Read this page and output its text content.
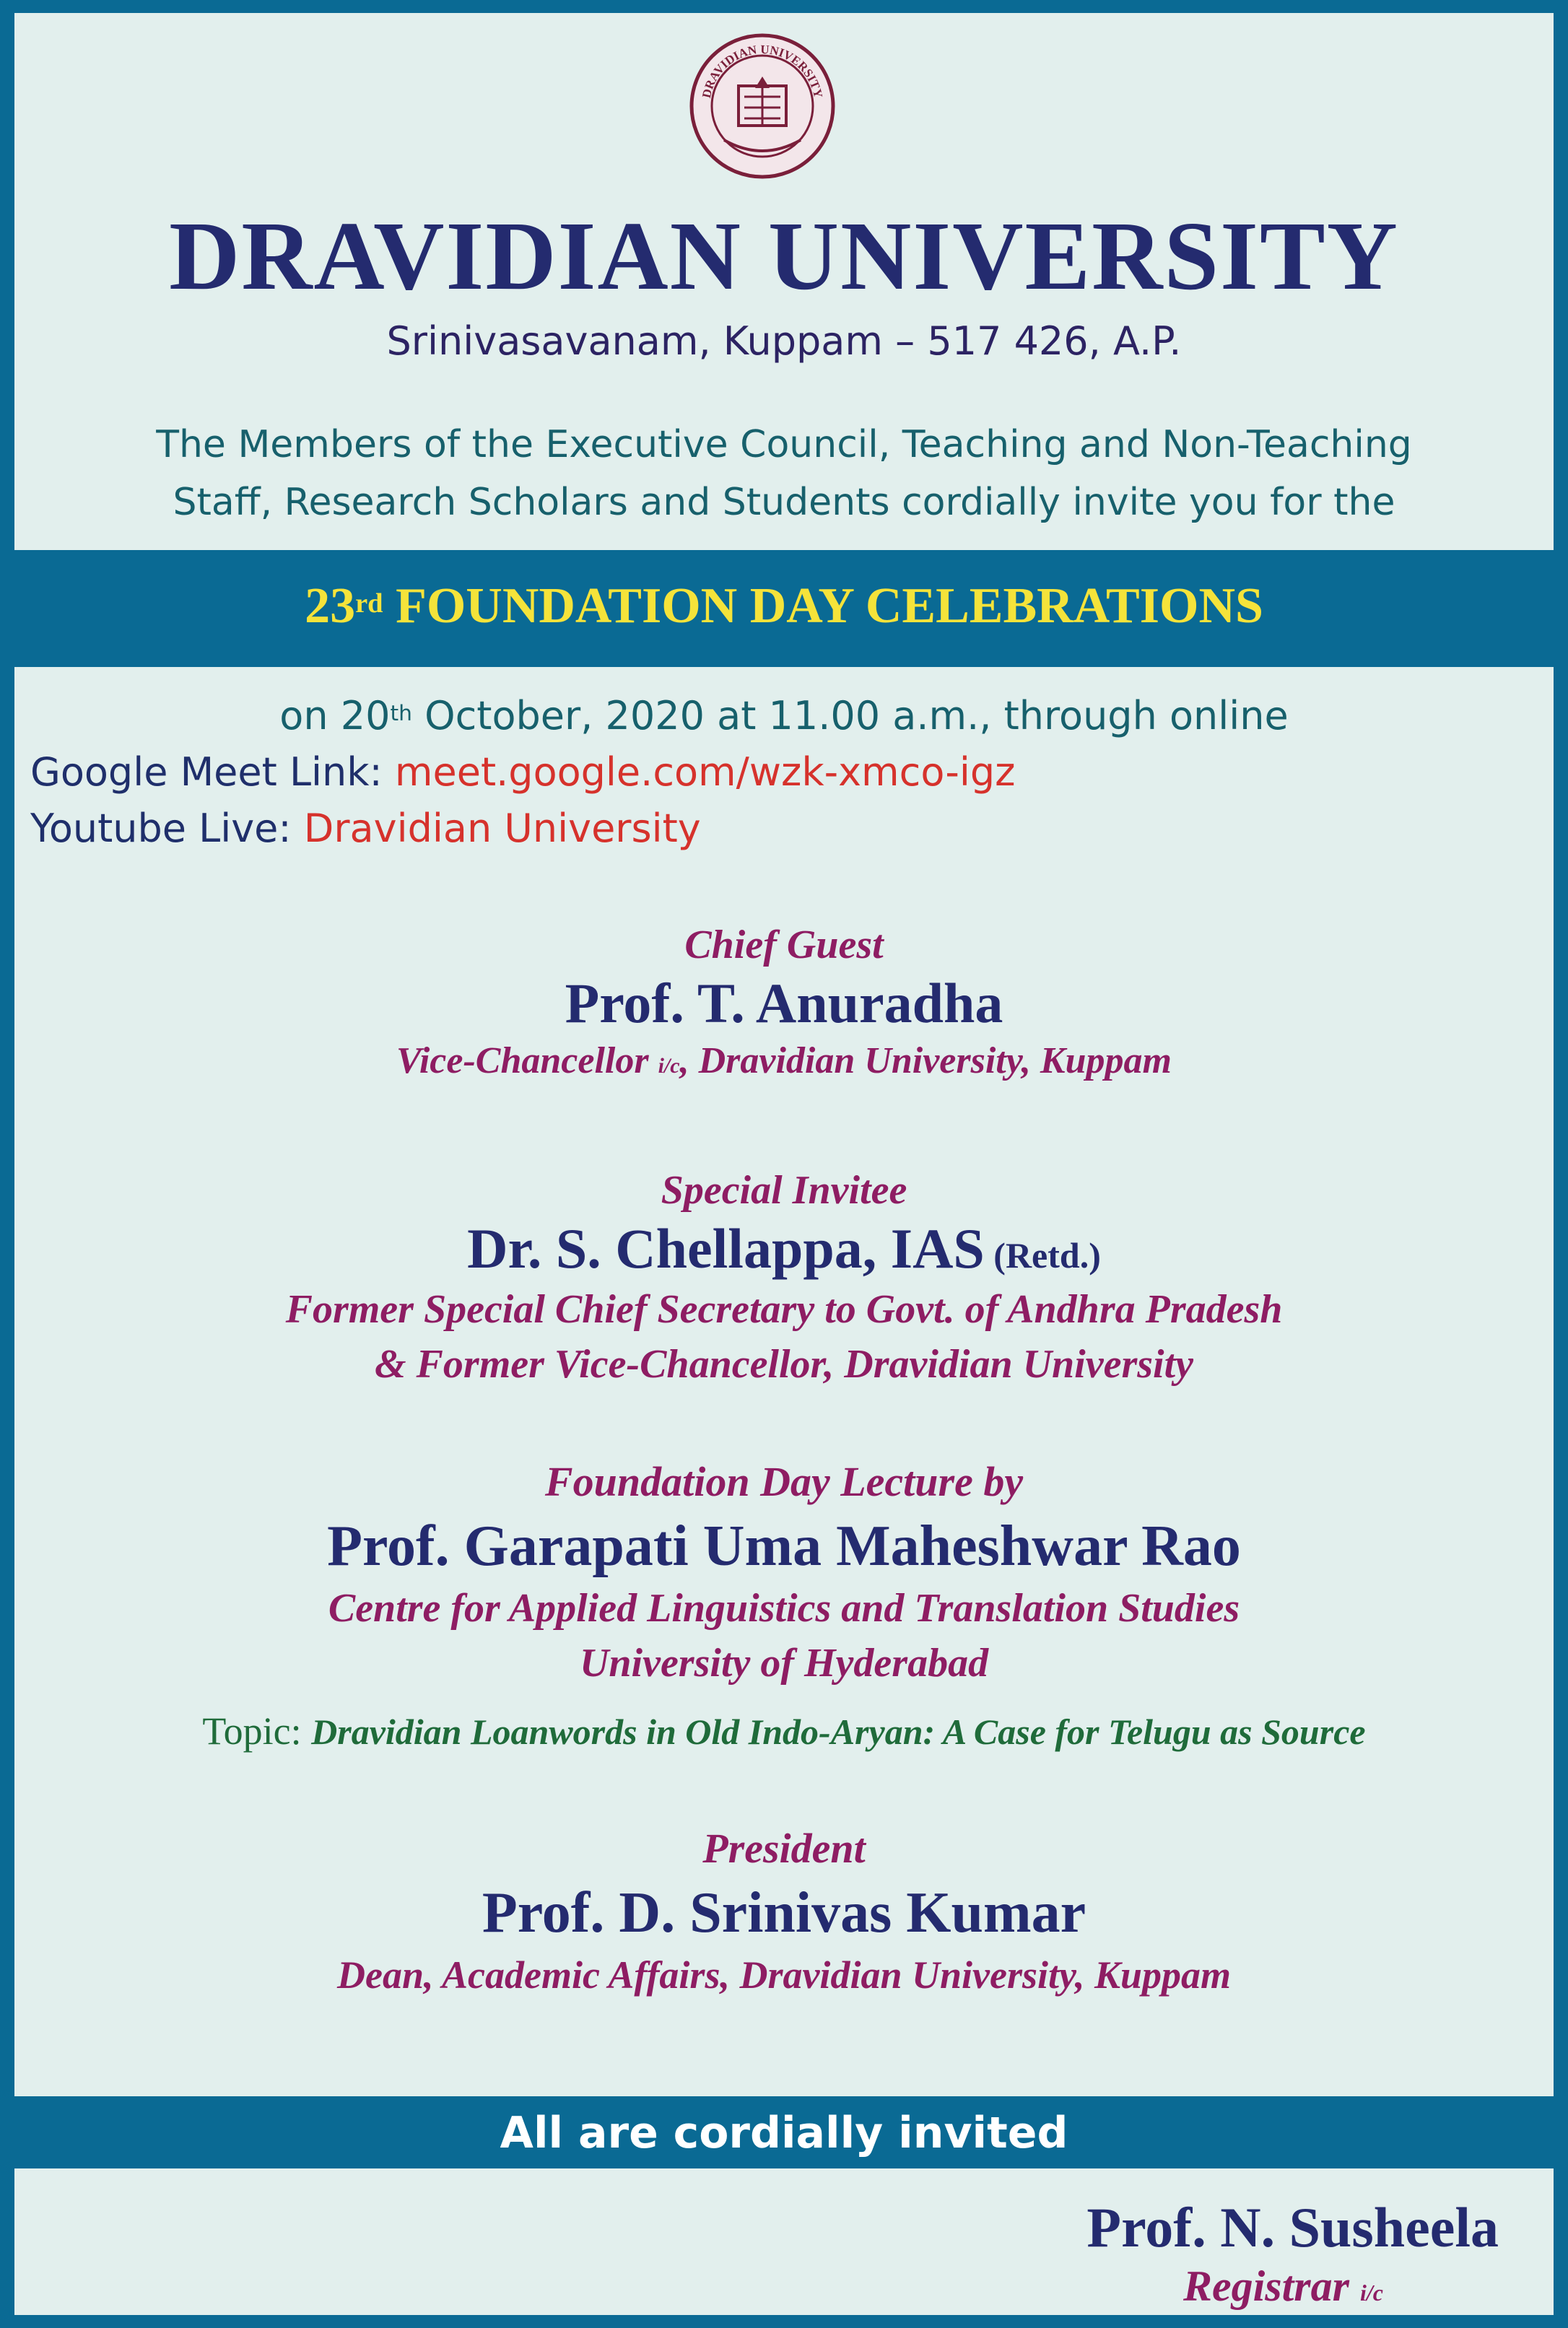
DRAVIDIAN UNIVERSITY
DRAVIDIAN UNIVERSITY
Srinivasavanam, Kuppam – 517 426, A.P.
The Members of the Executive Council, Teaching and Non-Teaching
Staff, Research Scholars and Students cordially invite you for the
23rd FOUNDATION DAY CELEBRATIONS
on 20th October, 2020 at 11.00 a.m., through online
Google Meet Link: meet.google.com/wzk-xmco-igz
Youtube Live: Dravidian University
Chief Guest
Prof. T. Anuradha
Vice-Chancellor i/c, Dravidian University, Kuppam
Special Invitee
Dr. S. Chellappa, IAS (Retd.)
Former Special Chief Secretary to Govt. of Andhra Pradesh
& Former Vice-Chancellor, Dravidian University
Foundation Day Lecture by
Prof. Garapati Uma Maheshwar Rao
Centre for Applied Linguistics and Translation Studies
University of Hyderabad
Topic: Dravidian Loanwords in Old Indo-Aryan: A Case for Telugu as Source
President
Prof. D. Srinivas Kumar
Dean, Academic Affairs, Dravidian University, Kuppam
All are cordially invited
Prof. N. Susheela
Registrar i/c
